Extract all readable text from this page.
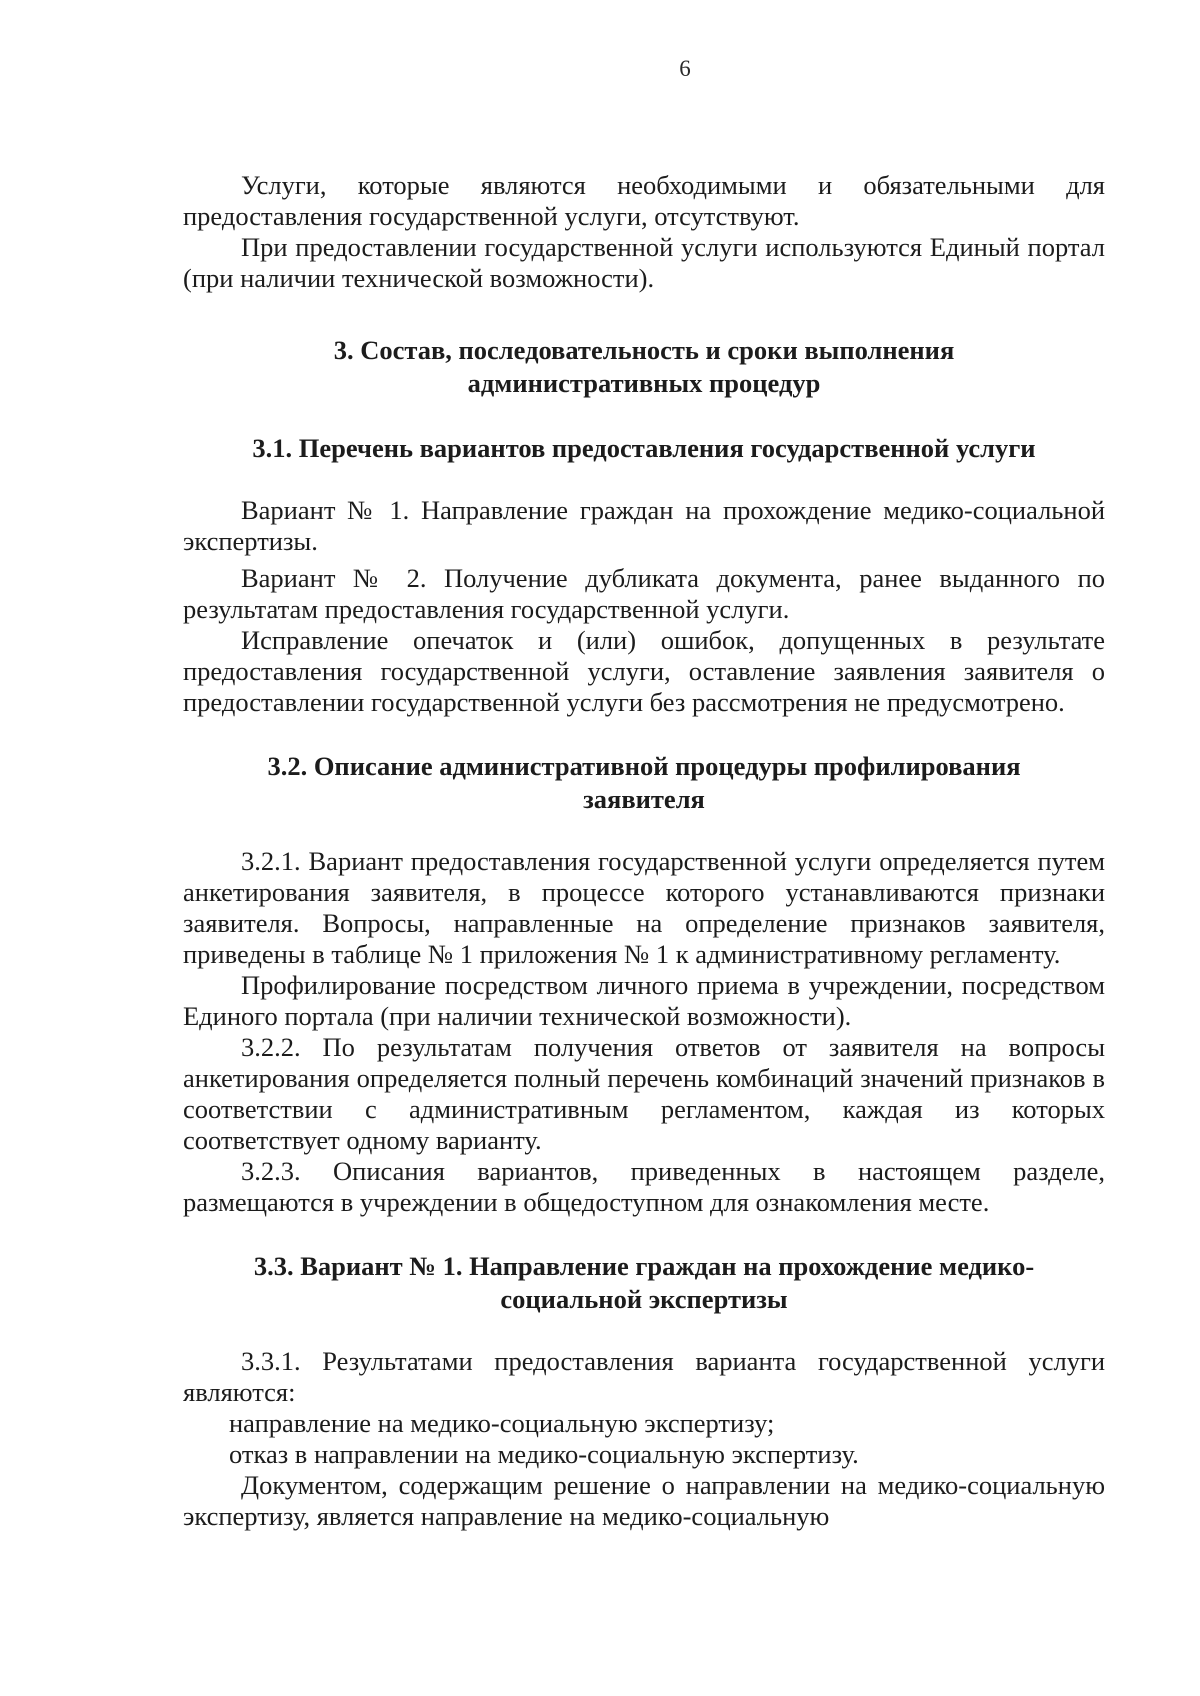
6

Услуги, которые являются необходимыми и обязательными для предоставления государственной услуги, отсутствуют.

При предоставлении государственной услуги используются Единый портал (при наличии технической возможности).

3. Состав, последовательность и сроки выполнения
административных процедур
3.1. Перечень вариантов предоставления государственной услуги

Вариант № 1. Направление граждан на прохождение медико-социальной экспертизы.

Вариант № 2. Получение дубликата документа, ранее выданного по результатам предоставления государственной услуги.

Исправление опечаток и (или) ошибок, допущенных в результате предоставления государственной услуги, оставление заявления заявителя о предоставлении государственной услуги без рассмотрения не предусмотрено.

3.2. Описание административной процедуры профилирования
заявителя

3.2.1. Вариант предоставления государственной услуги определяется путем анкетирования заявителя, в процессе которого устанавливаются признаки заявителя. Вопросы, направленные на определение признаков заявителя, приведены в таблице № 1 приложения № 1 к административному регламенту.

Профилирование посредством личного приема в учреждении, посредством Единого портала (при наличии технической возможности).

3.2.2. По результатам получения ответов от заявителя на вопросы анкетирования определяется полный перечень комбинаций значений признаков в соответствии с административным регламентом, каждая из которых соответствует одному варианту.

3.2.3. Описания вариантов, приведенных в настоящем разделе, размещаются в учреждении в общедоступном для ознакомления месте.

3.3. Вариант № 1. Направление граждан на прохождение медико-
социальной экспертизы

3.3.1. Результатами предоставления варианта государственной услуги являются:

направление на медико-социальную экспертизу;

отказ в направлении на медико-социальную экспертизу.

Документом, содержащим решение о направлении на медико-социальную экспертизу, является направление на медико-социальную
